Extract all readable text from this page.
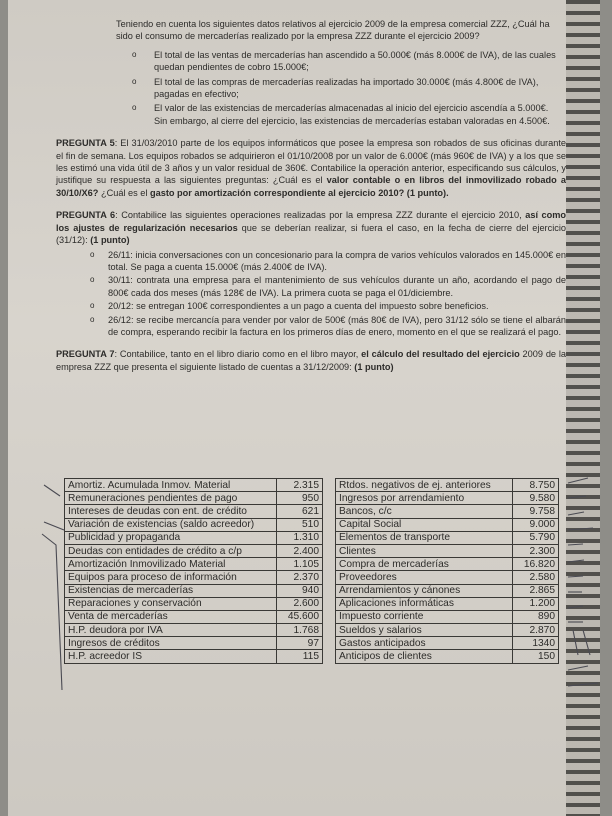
Teniendo en cuenta los siguientes datos relativos al ejercicio 2009 de la empresa comercial ZZZ, ¿Cuál ha sido el consumo de mercaderías realizado por la empresa ZZZ durante el ejercicio 2009?

o El total de las ventas de mercaderías han ascendido a 50.000€ (más 8.000€ de IVA), de las cuales quedan pendientes de cobro 15.000€;
o El total de las compras de mercaderías realizadas ha importado 30.000€ (más 4.800€ de IVA), pagadas en efectivo;
o El valor de las existencias de mercaderías almacenadas al inicio del ejercicio ascendía a 5.000€. Sin embargo, al cierre del ejercicio, las existencias de mercaderías estaban valoradas en 4.500€.
PREGUNTA 5: El 31/03/2010 parte de los equipos informáticos que posee la empresa son robados de sus oficinas durante el fin de semana. Los equipos robados se adquirieron el 01/10/2008 por un valor de 6.000€ (más 960€ de IVA) y a los que se les estimó una vida útil de 3 años y un valor residual de 360€. Contabilice la operación anterior, especificando sus cálculos, y justifique su respuesta a las siguientes preguntas: ¿Cuál es el valor contable o en libros del inmovilizado robado a 30/10/X6? ¿Cuál es el gasto por amortización correspondiente al ejercicio 2010? (1 punto).
PREGUNTA 6: Contabilice las siguientes operaciones realizadas por la empresa ZZZ durante el ejercicio 2010, así como los ajustes de regularización necesarios que se deberían realizar, si fuera el caso, en la fecha de cierre del ejercicio (31/12): (1 punto)
o 26/11: inicia conversaciones con un concesionario para la compra de varios vehículos valorados en 145.000€ en total. Se paga a cuenta 15.000€ (más 2.400€ de IVA).
o 30/11: contrata una empresa para el mantenimiento de sus vehículos durante un año, acordando el pago de 800€ cada dos meses (más 128€ de IVA). La primera cuota se paga el 01/diciembre.
o 20/12: se entregan 100€ correspondientes a un pago a cuenta del impuesto sobre beneficios.
o 26/12: se recibe mercancía para vender por valor de 500€ (más 80€ de IVA), pero 31/12 sólo se tiene el albarán de compra, esperando recibir la factura en los primeros días de enero, momento en el que se realizará el pago.
PREGUNTA 7: Contabilice, tanto en el libro diario como en el libro mayor, el cálculo del resultado del ejercicio 2009 de la empresa ZZZ que presenta el siguiente listado de cuentas a 31/12/2009: (1 punto)
Amortiz. Acumulada Inmov. Material	2.315
Remuneraciones pendientes de pago	950
Intereses de deudas con ent. de crédito	621
Variación de existencias (saldo acreedor)	510
Publicidad y propaganda	1.310
Deudas con entidades de crédito a c/p	2.400
Amortización Inmovilizado Material	1.105
Equipos para proceso de información	2.370
Existencias de mercaderías	940
Reparaciones y conservación	2.600
Venta de mercaderías	45.600
H.P. deudora por IVA	1.768
Ingresos de créditos	97
H.P. acreedor IS	115
Rtdos. negativos de ej. anteriores	8.750
Ingresos por arrendamiento	9.580
Bancos, c/c	9.758
Capital Social	9.000
Elementos de transporte	5.790
Clientes	2.300
Compra de mercaderías	16.820
Proveedores	2.580
Arrendamientos y cánones	2.865
Aplicaciones informáticas	1.200
Impuesto corriente	890
Sueldos y salarios	2.870
Gastos anticipados	1340
Anticipos de clientes	150
